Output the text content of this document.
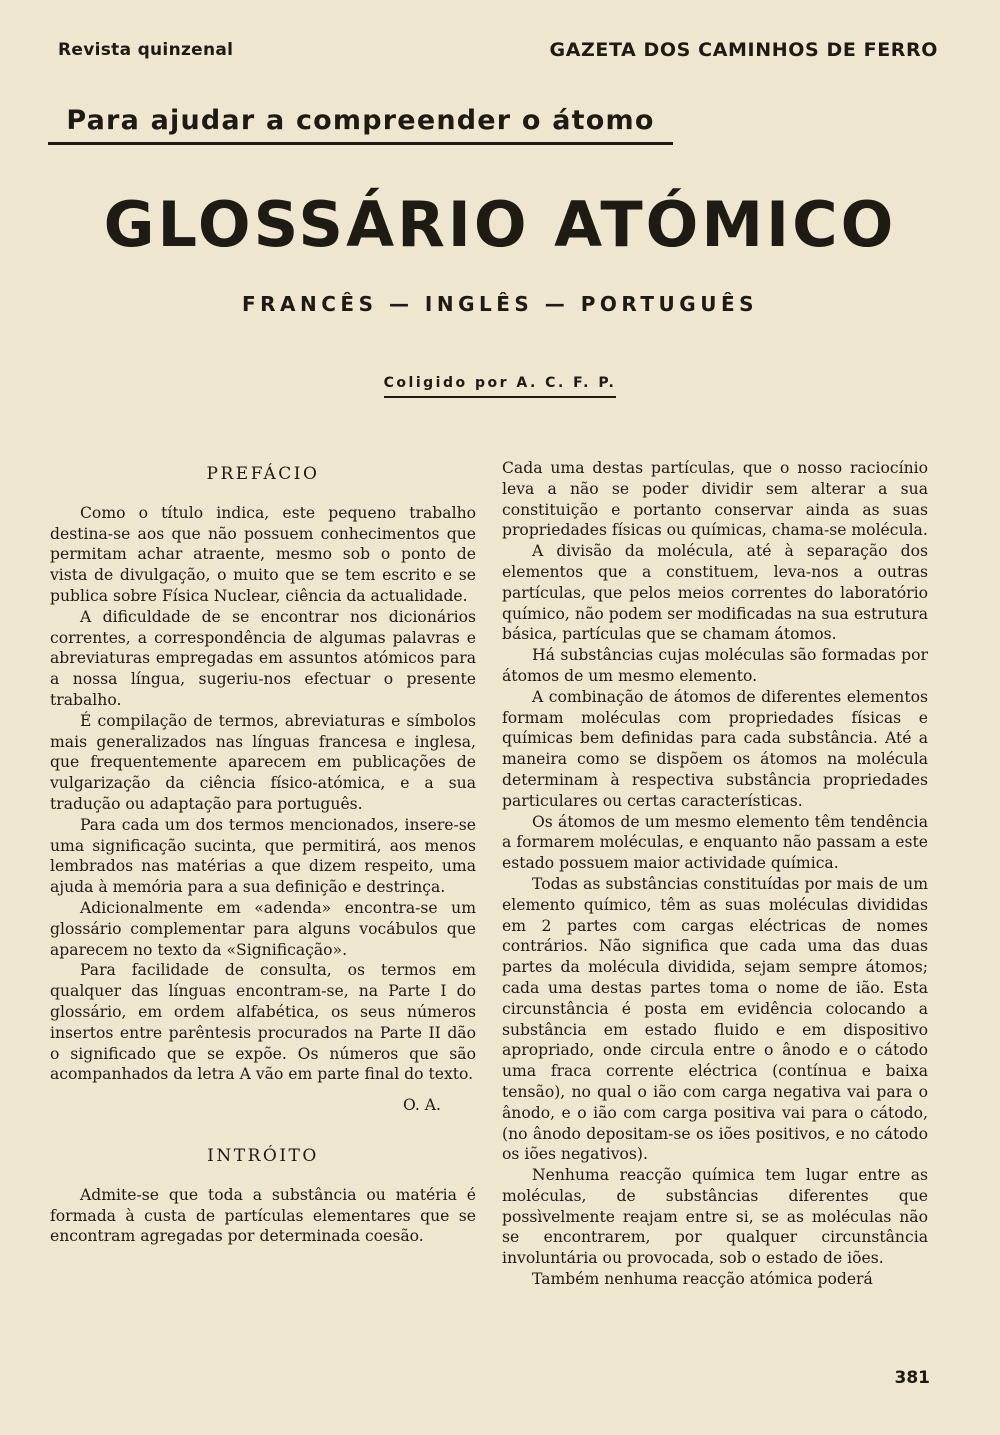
Revista quinzenal	GAZETA DOS CAMINHOS DE FERRO
Para ajudar a compreender o átomo
GLOSSÁRIO ATÓMICO
FRANCÊS — INGLÊS — PORTUGUÊS
Coligido por A. C. F. P.
PREFÁCIO

Como o título indica, este pequeno trabalho destina-se aos que não possuem conhecimentos que permitam achar atraente, mesmo sob o ponto de vista de divulgação, o muito que se tem escrito e se publica sobre Física Nuclear, ciência da actualidade.

A dificuldade de se encontrar nos dicionários correntes, a correspondência de algumas palavras e abreviaturas empregadas em assuntos atómicos para a nossa língua, sugeriu-nos efectuar o presente trabalho.

É compilação de termos, abreviaturas e símbolos mais generalizados nas línguas francesa e inglesa, que frequentemente aparecem em publicações de vulgarização da ciência físico-atómica, e a sua tradução ou adaptação para português.

Para cada um dos termos mencionados, insere-se uma significação sucinta, que permitirá, aos menos lembrados nas matérias a que dizem respeito, uma ajuda à memória para a sua definição e destrinça.

Adicionalmente em «adenda» encontra-se um glossário complementar para alguns vocábulos que aparecem no texto da «Significação».

Para facilidade de consulta, os termos em qualquer das línguas encontram-se, na Parte I do glossário, em ordem alfabética, os seus números insertos entre parêntesis procurados na Parte II dão o significado que se expõe. Os números que são acompanhados da letra A vão em parte final do texto.

O. A.
INTRÓITO

Admite-se que toda a substância ou matéria é formada à custa de partículas elementares que se encontram agregadas por determinada coesão.

Cada uma destas partículas, que o nosso raciocínio leva a não se poder dividir sem alterar a sua constituição e portanto conservar ainda as suas propriedades físicas ou químicas, chama-se molécula.

A divisão da molécula, até à separação dos elementos que a constituem, leva-nos a outras partículas, que pelos meios correntes do laboratório químico, não podem ser modificadas na sua estrutura básica, partículas que se chamam átomos.

Há substâncias cujas moléculas são formadas por átomos de um mesmo elemento.

A combinação de átomos de diferentes elementos formam moléculas com propriedades físicas e químicas bem definidas para cada substância. Até a maneira como se dispõem os átomos na molécula determinam à respectiva substância propriedades particulares ou certas características.

Os átomos de um mesmo elemento têm tendência a formarem moléculas, e enquanto não passam a este estado possuem maior actividade química.

Todas as substâncias constituídas por mais de um elemento químico, têm as suas moléculas divididas em 2 partes com cargas eléctricas de nomes contrários. Não significa que cada uma das duas partes da molécula dividida, sejam sempre átomos; cada uma destas partes toma o nome de ião. Esta circunstância é posta em evidência colocando a substância em estado fluido e em dispositivo apropriado, onde circula entre o ânodo e o cátodo uma fraca corrente eléctrica (contínua e baixa tensão), no qual o ião com carga negativa vai para o ânodo, e o ião com carga positiva vai para o cátodo, (no ânodo depositam-se os iões positivos, e no cátodo os iões negativos).

Nenhuma reacção química tem lugar entre as moléculas, de substâncias diferentes que possìvelmente reajam entre si, se as moléculas não se encontrarem, por qualquer circunstância involuntária ou provocada, sob o estado de iões.

Também nenhuma reacção atómica poderá

381
